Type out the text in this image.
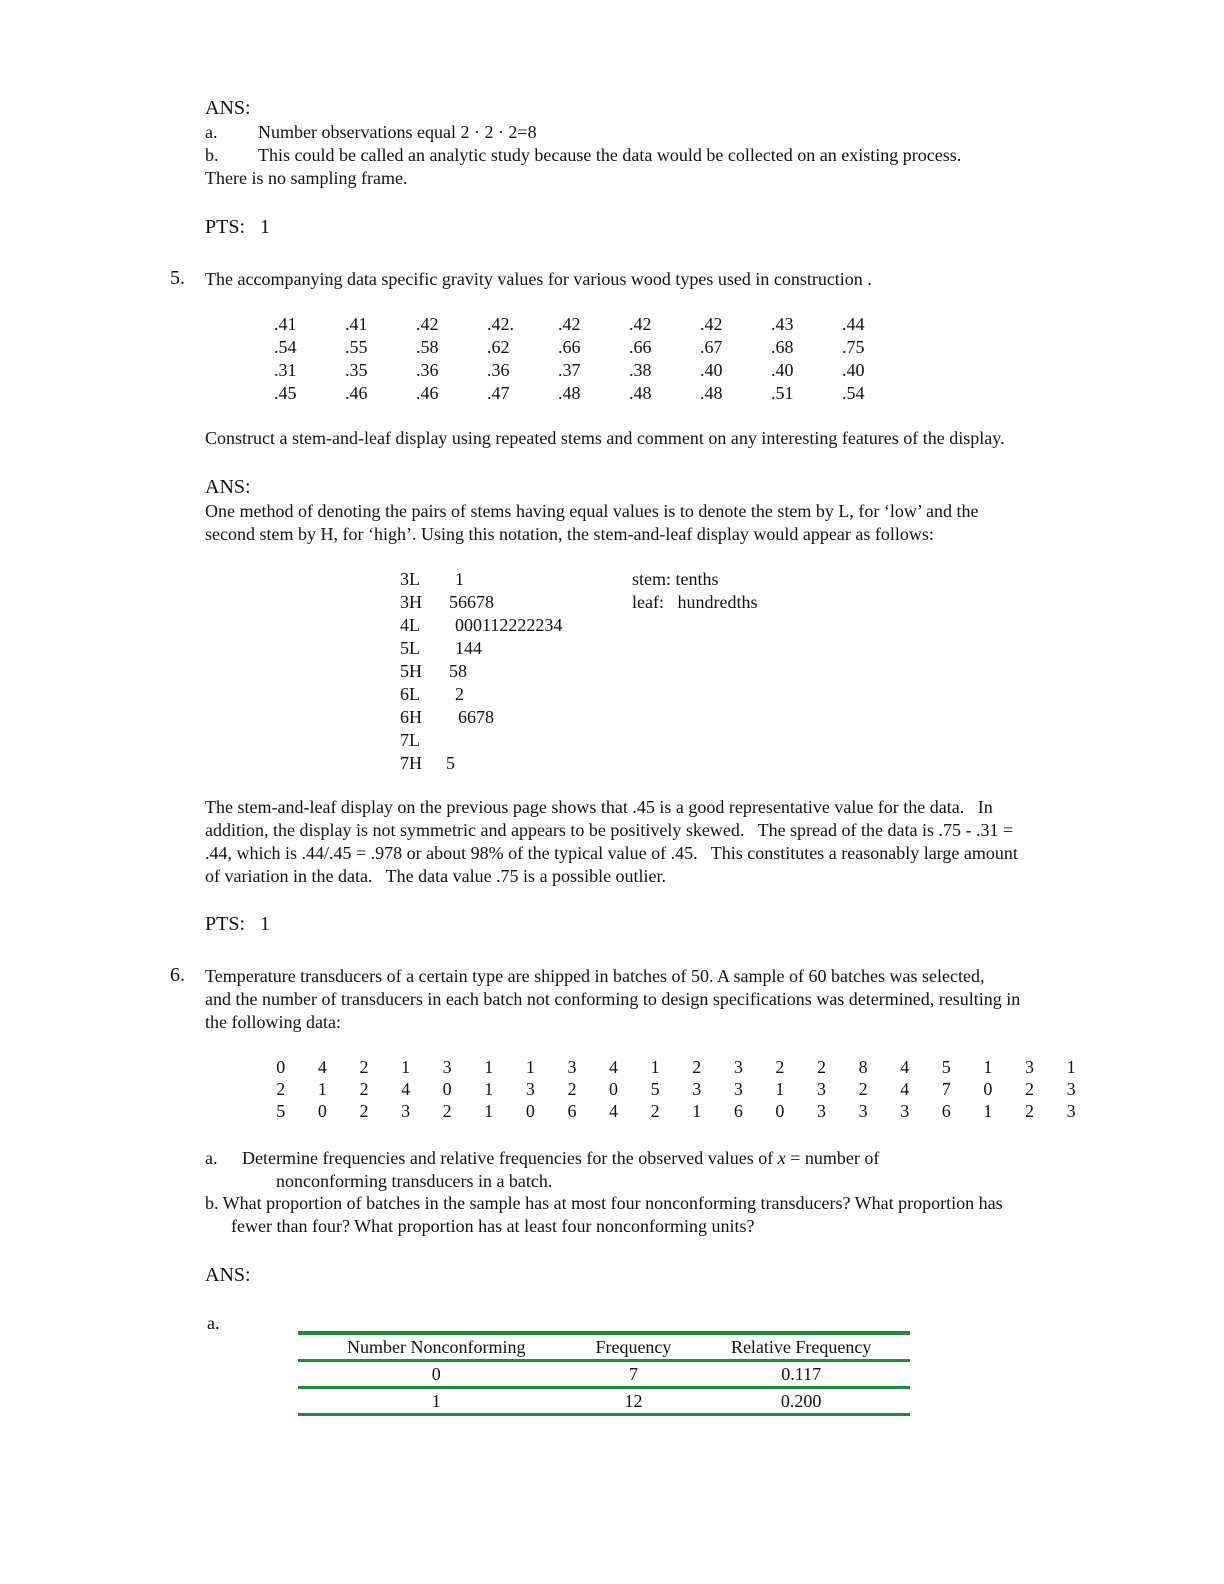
ANS:
a. Number observations equal 2 · 2 · 2=8
b. This could be called an analytic study because the data would be collected on an existing process.
There is no sampling frame.
PTS:   1
5. The accompanying data specific gravity values for various wood types used in construction .
.41	.41	.42	.42.	.42	.42	.42	.43	.44
.54	.55	.58	.62	.66	.66	.67	.68	.75
.31	.35	.36	.36	.37	.38	.40	.40	.40
.45	.46	.46	.47	.48	.48	.48	.51	.54
Construct a stem-and-leaf display using repeated stems and comment on any interesting features of the display.
ANS:
One method of denoting the pairs of stems having equal values is to denote the stem by L, for ‘low’ and the
second stem by H, for ‘high’. Using this notation, the stem-and-leaf display would appear as follows:
3L	1
3H	56678
4L	000112222234
5L	144
5H	58
6L	2
6H	6678
7L
7H	5
stem: tenths
leaf:   hundredths
The stem-and-leaf display on the previous page shows that .45 is a good representative value for the data.   In
addition, the display is not symmetric and appears to be positively skewed.   The spread of the data is .75 - .31 =
.44, which is .44/.45 = .978 or about 98% of the typical value of .45.   This constitutes a reasonably large amount
of variation in the data.   The data value .75 is a possible outlier.
PTS:   1
6. Temperature transducers of a certain type are shipped in batches of 50. A sample of 60 batches was selected,
and the number of transducers in each batch not conforming to design specifications was determined, resulting in
the following data:
0	4	2	1	3	1	1	3	4	1	2	3	2	2	8	4	5	1	3	1
2	1	2	4	0	1	3	2	0	5	3	3	1	3	2	4	7	0	2	3
5	0	2	3	2	1	0	6	4	2	1	6	0	3	3	3	6	1	2	3
a. Determine frequencies and relative frequencies for the observed values of x = number of
nonconforming transducers in a batch.
b. What proportion of batches in the sample has at most four nonconforming transducers? What proportion has
fewer than four? What proportion has at least four nonconforming units?
ANS:
a.
Number Nonconforming	Frequency	Relative Frequency
0	7	0.117
1	12	0.200
